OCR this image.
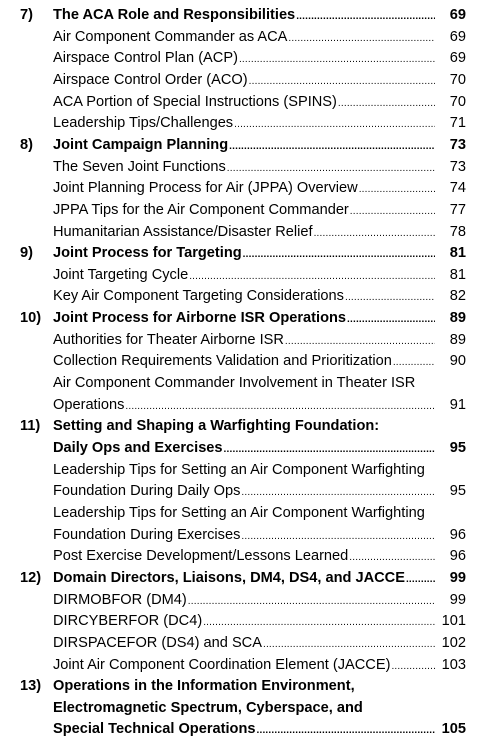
7) The ACA Role and Responsibilities .....	69
Air Component Commander as ACA .....	69
Airspace Control Plan (ACP) .....	69
Airspace Control Order (ACO) .....	70
ACA Portion of Special Instructions (SPINS) .....	70
Leadership Tips/Challenges .....	71
8) Joint Campaign Planning .....	73
The Seven Joint Functions .....	73
Joint Planning Process for Air (JPPA) Overview .....	74
JPPA Tips for the Air Component Commander .....	77
Humanitarian Assistance/Disaster Relief .....	78
9) Joint Process for Targeting .....	81
Joint Targeting Cycle .....	81
Key Air Component Targeting Considerations .....	82
10) Joint Process for Airborne ISR Operations .....	89
Authorities for Theater Airborne ISR .....	89
Collection Requirements Validation and Prioritization .....	90
Air Component Commander Involvement in Theater ISR
Operations .....	91
11) Setting and Shaping a Warfighting Foundation:
Daily Ops and Exercises .....	95
Leadership Tips for Setting an Air Component Warfighting
Foundation During Daily Ops .....	95
Leadership Tips for Setting an Air Component Warfighting
Foundation During Exercises .....	96
Post Exercise Development/Lessons Learned .....	96
12) Domain Directors, Liaisons, DM4, DS4, and JACCE .....	99
DIRMOBFOR (DM4) .....	99
DIRCYBERFOR (DC4) .....	101
DIRSPACEFOR (DS4) and SCA .....	102
Joint Air Component Coordination Element (JACCE) .....	103
13) Operations in the Information Environment,
Electromagnetic Spectrum, Cyberspace, and
Special Technical Operations .....	105
